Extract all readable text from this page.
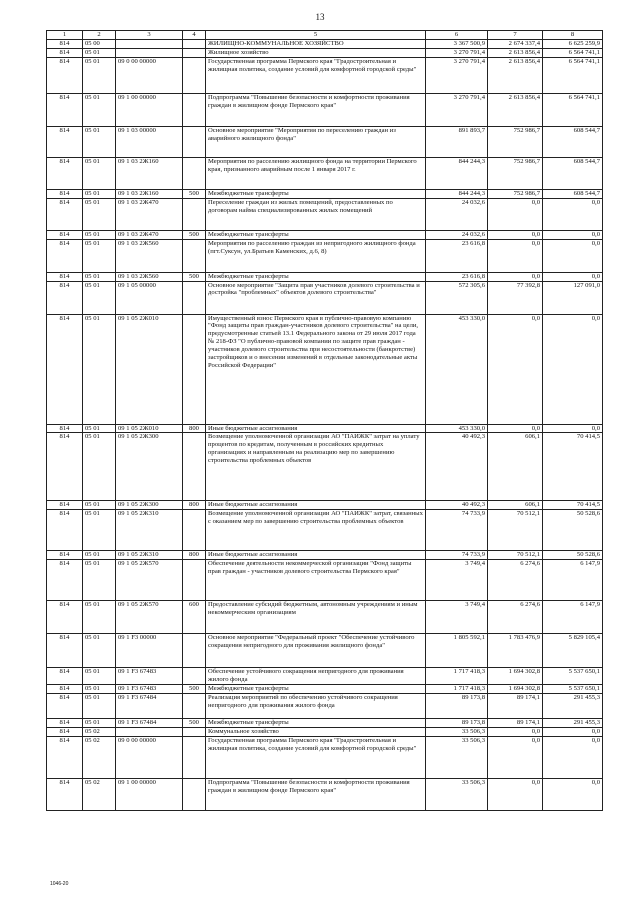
13
1	2	3	4	5	6	7	8
814	05 00			ЖИЛИЩНО-КОММУНАЛЬНОЕ ХОЗЯЙСТВО	3 367 500,9	2 674 337,4	6 625 259,9
814	05 01			Жилищное хозяйство	3 270 791,4	2 613 856,4	6 564 741,1
814	05 01	09 0 00 00000		Государственная программа Пермского края "Градостроительная и жилищная политика, создание условий для комфортной городской среды"	3 270 791,4	2 613 856,4	6 564 741,1
814	05 01	09 1 00 00000		Подпрограмма "Повышение безопасности и комфортности проживания граждан в жилищном фонде Пермского края"	3 270 791,4	2 613 856,4	6 564 741,1
814	05 01	09 1 03 00000		Основное мероприятие "Мероприятия по переселению граждан из аварийного жилищного фонда"	891 893,7	752 986,7	608 544,7
814	05 01	09 1 03 2Ж160		Мероприятия по расселению жилищного фонда на территории Пермского края, признанного аварийным после 1 января 2017 г.	844 244,3	752 986,7	608 544,7
814	05 01	09 1 03 2Ж160	500	Межбюджетные трансферты	844 244,3	752 986,7	608 544,7
814	05 01	09 1 03 2Ж470		Переселение граждан из жилых помещений, предоставленных по договорам найма специализированных жилых помещений	24 032,6	0,0	0,0
814	05 01	09 1 03 2Ж470	500	Межбюджетные трансферты	24 032,6	0,0	0,0
814	05 01	09 1 03 2Ж560		Мероприятия по расселению граждан из непригодного жилищного фонда (пгт.Суксун, ул.Братьев Каменских, д.6, 8)	23 616,8	0,0	0,0
814	05 01	09 1 03 2Ж560	500	Межбюджетные трансферты	23 616,8	0,0	0,0
814	05 01	09 1 05 00000		Основное мероприятие "Защита прав участников долевого строительства и достройка "проблемных" объектов долевого строительства"	572 305,6	77 392,8	127 091,0
814	05 01	09 1 05 2Ж010		Имущественный взнос Пермского края в публично-правовую компанию "Фонд защиты прав граждан-участников долевого строительства" на цели, предусмотренные статьей 13.1 Федерального закона от 29 июля 2017 года № 218-ФЗ "О публично-правовой компании по защите прав граждан - участников долевого строительства при несостоятельности (банкротстве) застройщиков и о внесении изменений в отдельные законодательные акты Российской Федерации"	453 330,0	0,0	0,0
814	05 01	09 1 05 2Ж010	800	Иные бюджетные ассигнования	453 330,0	0,0	0,0
814	05 01	09 1 05 2Ж300		Возмещение уполномоченной организации АО "ПАИЖК" затрат на уплату процентов по кредитам, полученным в российских кредитных организациях и направленным на реализацию мер по завершению строительства проблемных объектов	40 492,3	606,1	70 414,5
814	05 01	09 1 05 2Ж300	800	Иные бюджетные ассигнования	40 492,3	606,1	70 414,5
814	05 01	09 1 05 2Ж310		Возмещение уполномоченной организации АО "ПАИЖК" затрат, связанных с оказанием мер по завершению строительства проблемных объектов	74 733,9	70 512,1	50 528,6
814	05 01	09 1 05 2Ж310	800	Иные бюджетные ассигнования	74 733,9	70 512,1	50 528,6
814	05 01	09 1 05 2Ж570		Обеспечение деятельности некоммерческой организации "Фонд защиты прав граждан - участников долевого строительства Пермского края"	3 749,4	6 274,6	6 147,9
814	05 01	09 1 05 2Ж570	600	Предоставление субсидий бюджетным, автономным учреждениям и иным некоммерческим организациям	3 749,4	6 274,6	6 147,9
814	05 01	09 1 F3 00000		Основное мероприятие "Федеральный проект "Обеспечение устойчивого сокращения непригодного для проживания жилищного фонда"	1 805 592,1	1 783 476,9	5 829 105,4
814	05 01	09 1 F3 67483		Обеспечение устойчивого сокращения непригодного для проживания жилого фонда	1 717 418,3	1 694 302,8	5 537 650,1
814	05 01	09 1 F3 67483	500	Межбюджетные трансферты	1 717 418,3	1 694 302,8	5 537 650,1
814	05 01	09 1 F3 67484		Реализация мероприятий по обеспечению устойчивого сокращения непригодного для проживания жилого фонда	89 173,8	89 174,1	291 455,3
814	05 01	09 1 F3 67484	500	Межбюджетные трансферты	89 173,8	89 174,1	291 455,3
814	05 02			Коммунальное хозяйство	33 506,3	0,0	0,0
814	05 02	09 0 00 00000		Государственная программа Пермского края "Градостроительная и жилищная политика, создание условий для комфортной городской среды"	33 506,3	0,0	0,0
814	05 02	09 1 00 00000		Подпрограмма "Повышение безопасности и комфортности проживания граждан в жилищном фонде Пермского края"	33 506,3	0,0	0,0
1046-20
